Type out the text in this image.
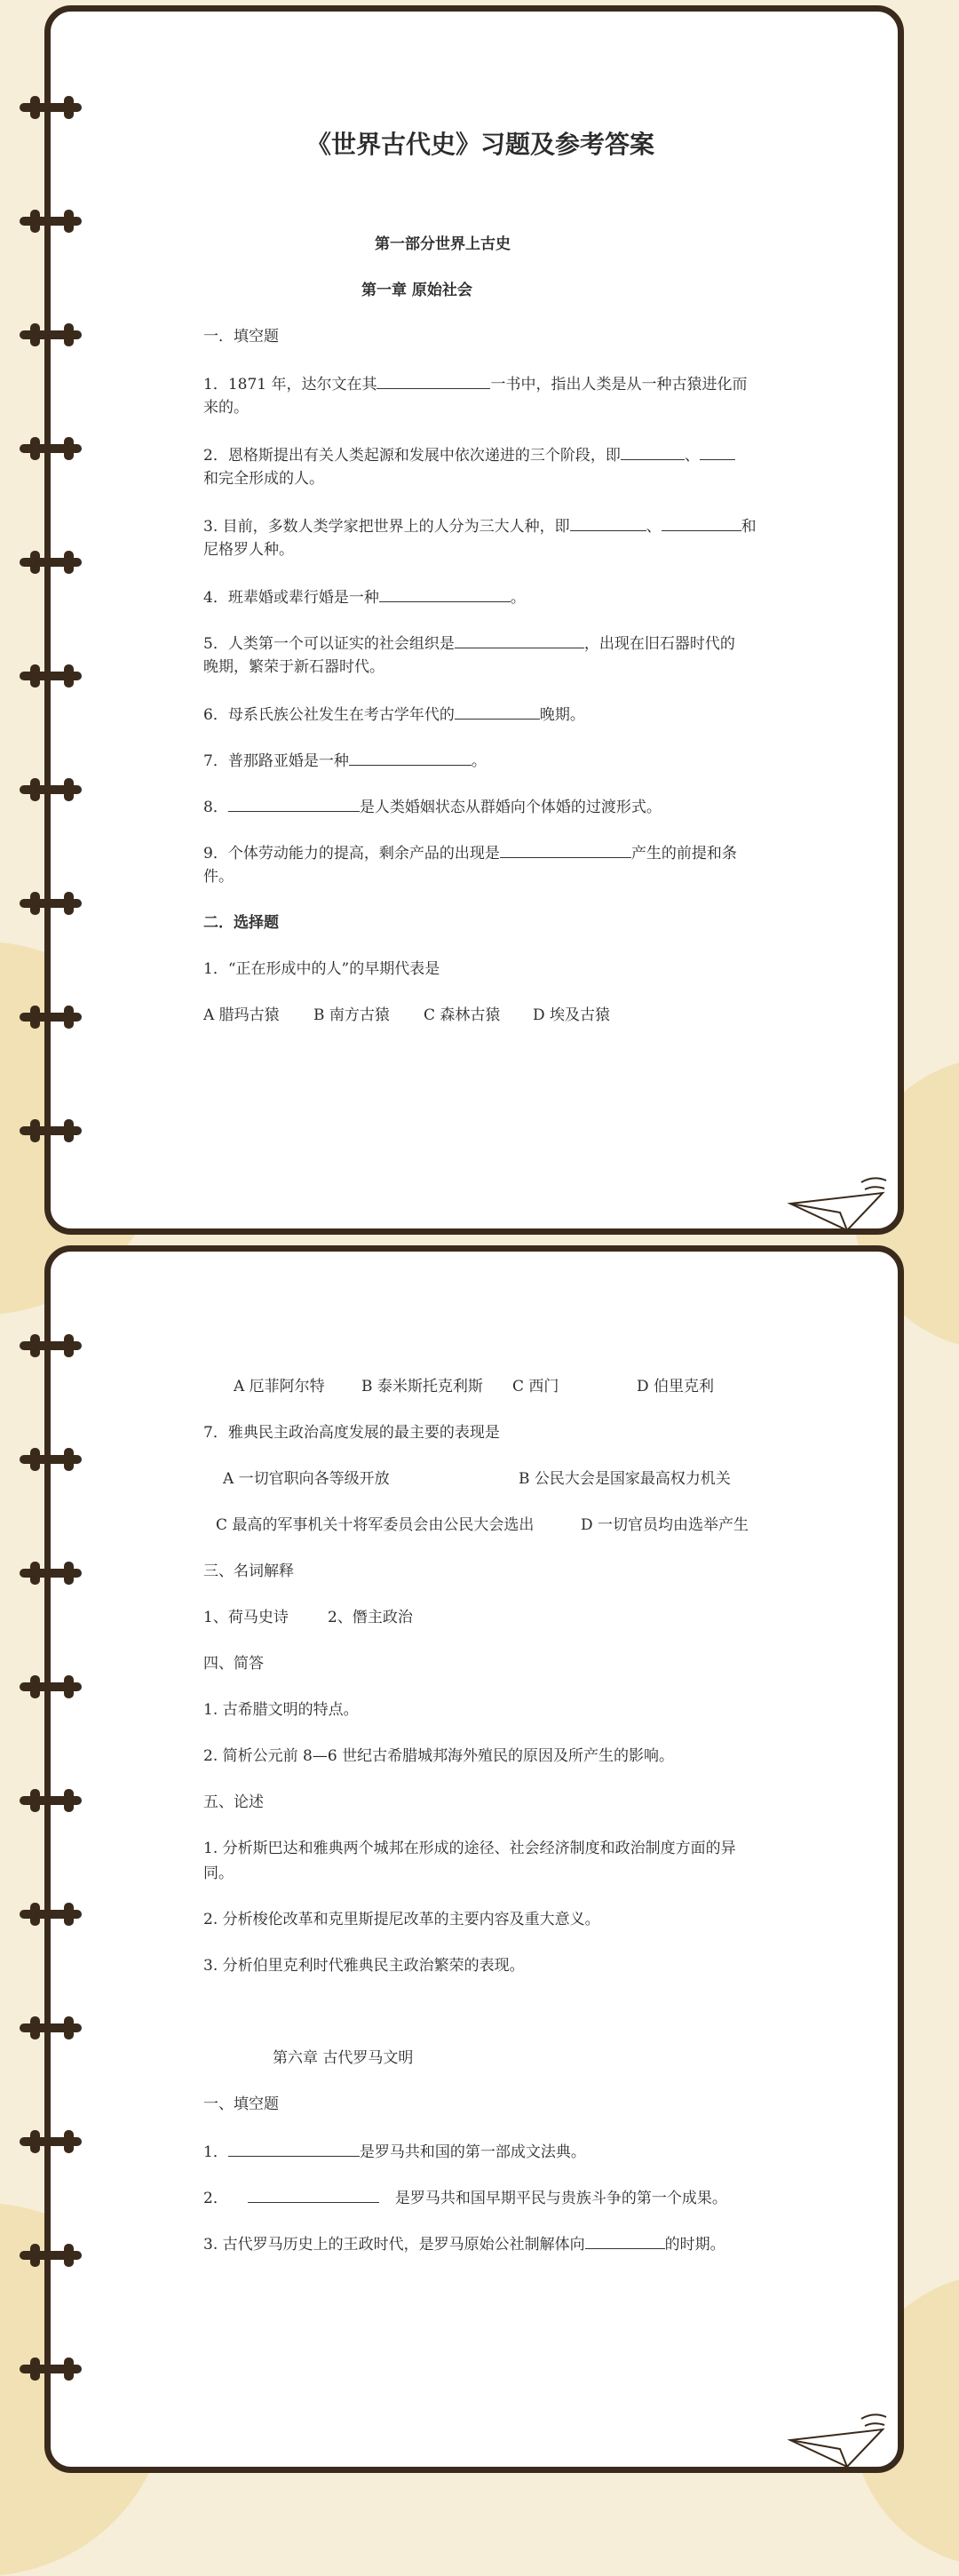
《世界古代史》习题及参考答案
第一部分世界上古史
第一章 原始社会
一．填空题
1．1871 年，达尔文在其	一书中，指出人类是从一种古猿进化而
来的。
2．恩格斯提出有关人类起源和发展中依次递进的三个阶段，即	、
和完全形成的人。
3. 目前，多数人类学家把世界上的人分为三大人种，即	、	和
尼格罗人种。
4．班辈婚或辈行婚是一种	。
5．人类第一个可以证实的社会组织是	，出现在旧石器时代的
晚期，繁荣于新石器时代。
6．母系氏族公社发生在考古学年代的	晚期。
7．普那路亚婚是一种	。
8．	是人类婚姻状态从群婚向个体婚的过渡形式。
9．个体劳动能力的提高，剩余产品的出现是	产生的前提和条
件。
二．选择题
1．“正在形成中的人”的早期代表是
A 腊玛古猿 B 南方古猿 C 森林古猿 D 埃及古猿
A 厄菲阿尔特 B 泰米斯托克利斯 C 西门	D 伯里克利
7．雅典民主政治高度发展的最主要的表现是
A 一切官职向各等级开放	B 公民大会是国家最高权力机关
C 最高的军事机关十将军委员会由公民大会选出	D 一切官员均由选举产生
三、名词解释
1、荷马史诗	2、僭主政治
四、简答
1. 古希腊文明的特点。
2. 简析公元前 8—6 世纪古希腊城邦海外殖民的原因及所产生的影响。
五、论述
1. 分析斯巴达和雅典两个城邦在形成的途径、社会经济制度和政治制度方面的异
同。
2. 分析梭伦改革和克里斯提尼改革的主要内容及重大意义。
3. 分析伯里克利时代雅典民主政治繁荣的表现。
第六章 古代罗马文明
一、填空题
1．	是罗马共和国的第一部成文法典。
2．	是罗马共和国早期平民与贵族斗争的第一个成果。
3. 古代罗马历史上的王政时代，是罗马原始公社制解体向	的时期。
